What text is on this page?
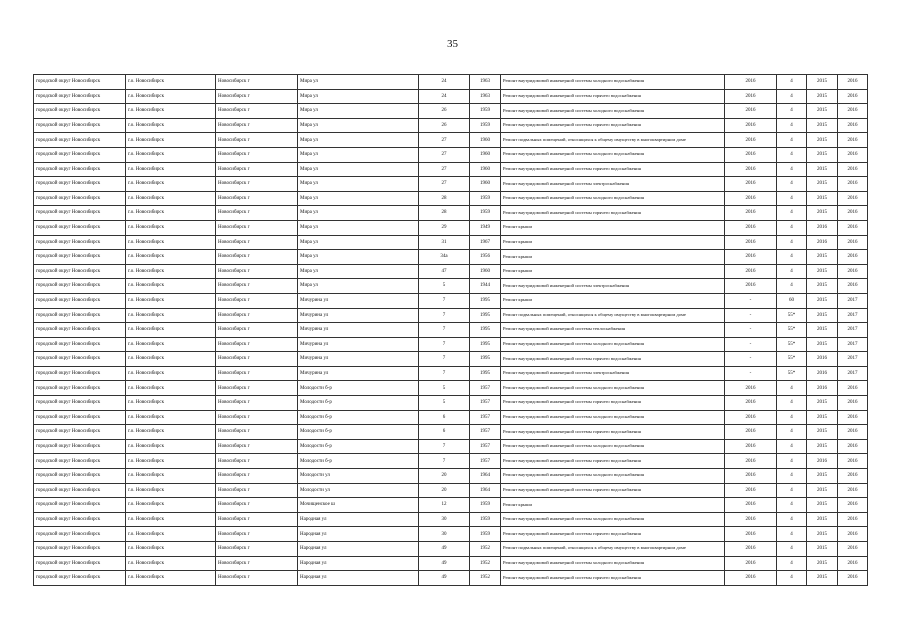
35
городской округ Новосибирск	г.о. Новосибирск	Новосибирск г	Мира ул	24	1963	Ремонт внутридомовой инженерной системы холодного водоснабжения	2016	4	2015	2016
городской округ Новосибирск	г.о. Новосибирск	Новосибирск г	Мира ул	24	1963	Ремонт внутридомовой инженерной системы горячего водоснабжения	2016	4	2015	2016
городской округ Новосибирск	г.о. Новосибирск	Новосибирск г	Мира ул	26	1959	Ремонт внутридомовой инженерной системы холодного водоснабжения	2016	4	2015	2016
городской округ Новосибирск	г.о. Новосибирск	Новосибирск г	Мира ул	26	1959	Ремонт внутридомовой инженерной системы горячего водоснабжения	2016	4	2015	2016
городской округ Новосибирск	г.о. Новосибирск	Новосибирск г	Мира ул	27	1960	Ремонт подвальных помещений, относящихся к общему имуществу в многоквартирном доме	2016	4	2015	2016
городской округ Новосибирск	г.о. Новосибирск	Новосибирск г	Мира ул	27	1960	Ремонт внутридомовой инженерной системы холодного водоснабжения	2016	4	2015	2016
городской округ Новосибирск	г.о. Новосибирск	Новосибирск г	Мира ул	27	1960	Ремонт внутридомовой инженерной системы горячего водоснабжения	2016	4	2015	2016
городской округ Новосибирск	г.о. Новосибирск	Новосибирск г	Мира ул	27	1960	Ремонт внутридомовой инженерной системы электроснабжения	2016	4	2015	2016
городской округ Новосибирск	г.о. Новосибирск	Новосибирск г	Мира ул	28	1959	Ремонт внутридомовой инженерной системы холодного водоснабжения	2016	4	2015	2016
городской округ Новосибирск	г.о. Новосибирск	Новосибирск г	Мира ул	28	1959	Ремонт внутридомовой инженерной системы горячего водоснабжения	2016	4	2015	2016
городской округ Новосибирск	г.о. Новосибирск	Новосибирск г	Мира ул	29	1949	Ремонт крыши	2016	4	2016	2016
городской округ Новосибирск	г.о. Новосибирск	Новосибирск г	Мира ул	31	1967	Ремонт крыши	2016	4	2016	2016
городской округ Новосибирск	г.о. Новосибирск	Новосибирск г	Мира ул	34а	1956	Ремонт крыши	2016	4	2015	2016
городской округ Новосибирск	г.о. Новосибирск	Новосибирск г	Мира ул	47	1960	Ремонт крыши	2016	4	2015	2016
городской округ Новосибирск	г.о. Новосибирск	Новосибирск г	Мира ул	5	1944	Ремонт внутридомовой инженерной системы электроснабжения	2016	4	2015	2016
городской округ Новосибирск	г.о. Новосибирск	Новосибирск г	Мичурина ул	7	1995	Ремонт крыши	-	60	2015	2017
городской округ Новосибирск	г.о. Новосибирск	Новосибирск г	Мичурина ул	7	1995	Ремонт подвальных помещений, относящихся к общему имуществу в многоквартирном доме	-	55*	2015	2017
городской округ Новосибирск	г.о. Новосибирск	Новосибирск г	Мичурина ул	7	1995	Ремонт внутридомовой инженерной системы теплоснабжения	-	55*	2015	2017
городской округ Новосибирск	г.о. Новосибирск	Новосибирск г	Мичурина ул	7	1995	Ремонт внутридомовой инженерной системы холодного водоснабжения	-	55*	2015	2017
городской округ Новосибирск	г.о. Новосибирск	Новосибирск г	Мичурина ул	7	1995	Ремонт внутридомовой инженерной системы горячего водоснабжения	-	55*	2016	2017
городской округ Новосибирск	г.о. Новосибирск	Новосибирск г	Мичурина ул	7	1995	Ремонт внутридомовой инженерной системы электроснабжения	-	55*	2016	2017
городской округ Новосибирск	г.о. Новосибирск	Новосибирск г	Молодости б-р	5	1957	Ремонт внутридомовой инженерной системы холодного водоснабжения	2016	4	2016	2016
городской округ Новосибирск	г.о. Новосибирск	Новосибирск г	Молодости б-р	5	1957	Ремонт внутридомовой инженерной системы горячего водоснабжения	2016	4	2015	2016
городской округ Новосибирск	г.о. Новосибирск	Новосибирск г	Молодости б-р	6	1957	Ремонт внутридомовой инженерной системы холодного водоснабжения	2016	4	2015	2016
городской округ Новосибирск	г.о. Новосибирск	Новосибирск г	Молодости б-р	6	1957	Ремонт внутридомовой инженерной системы горячего водоснабжения	2016	4	2015	2016
городской округ Новосибирск	г.о. Новосибирск	Новосибирск г	Молодости б-р	7	1957	Ремонт внутридомовой инженерной системы холодного водоснабжения	2016	4	2015	2016
городской округ Новосибирск	г.о. Новосибирск	Новосибирск г	Молодости б-р	7	1957	Ремонт внутридомовой инженерной системы горячего водоснабжения	2016	4	2016	2016
городской округ Новосибирск	г.о. Новосибирск	Новосибирск г	Молодости ул	20	1964	Ремонт внутридомовой инженерной системы холодного водоснабжения	2016	4	2015	2016
городской округ Новосибирск	г.о. Новосибирск	Новосибирск г	Молодости ул	20	1964	Ремонт внутридомовой инженерной системы горячего водоснабжения	2016	4	2015	2016
городской округ Новосибирск	г.о. Новосибирск	Новосибирск г	Мочищенское ш	12	1959	Ремонт крыши	2016	4	2015	2016
городской округ Новосибирск	г.о. Новосибирск	Новосибирск г	Народная ул	30	1959	Ремонт внутридомовой инженерной системы холодного водоснабжения	2016	4	2015	2016
городской округ Новосибирск	г.о. Новосибирск	Новосибирск г	Народная ул	30	1959	Ремонт внутридомовой инженерной системы горячего водоснабжения	2016	4	2015	2016
городской округ Новосибирск	г.о. Новосибирск	Новосибирск г	Народная ул	49	1952	Ремонт подвальных помещений, относящихся к общему имуществу в многоквартирном доме	2016	4	2015	2016
городской округ Новосибирск	г.о. Новосибирск	Новосибирск г	Народная ул	49	1952	Ремонт внутридомовой инженерной системы холодного водоснабжения	2016	4	2015	2016
городской округ Новосибирск	г.о. Новосибирск	Новосибирск г	Народная ул	49	1952	Ремонт внутридомовой инженерной системы горячего водоснабжения	2016	4	2015	2016
